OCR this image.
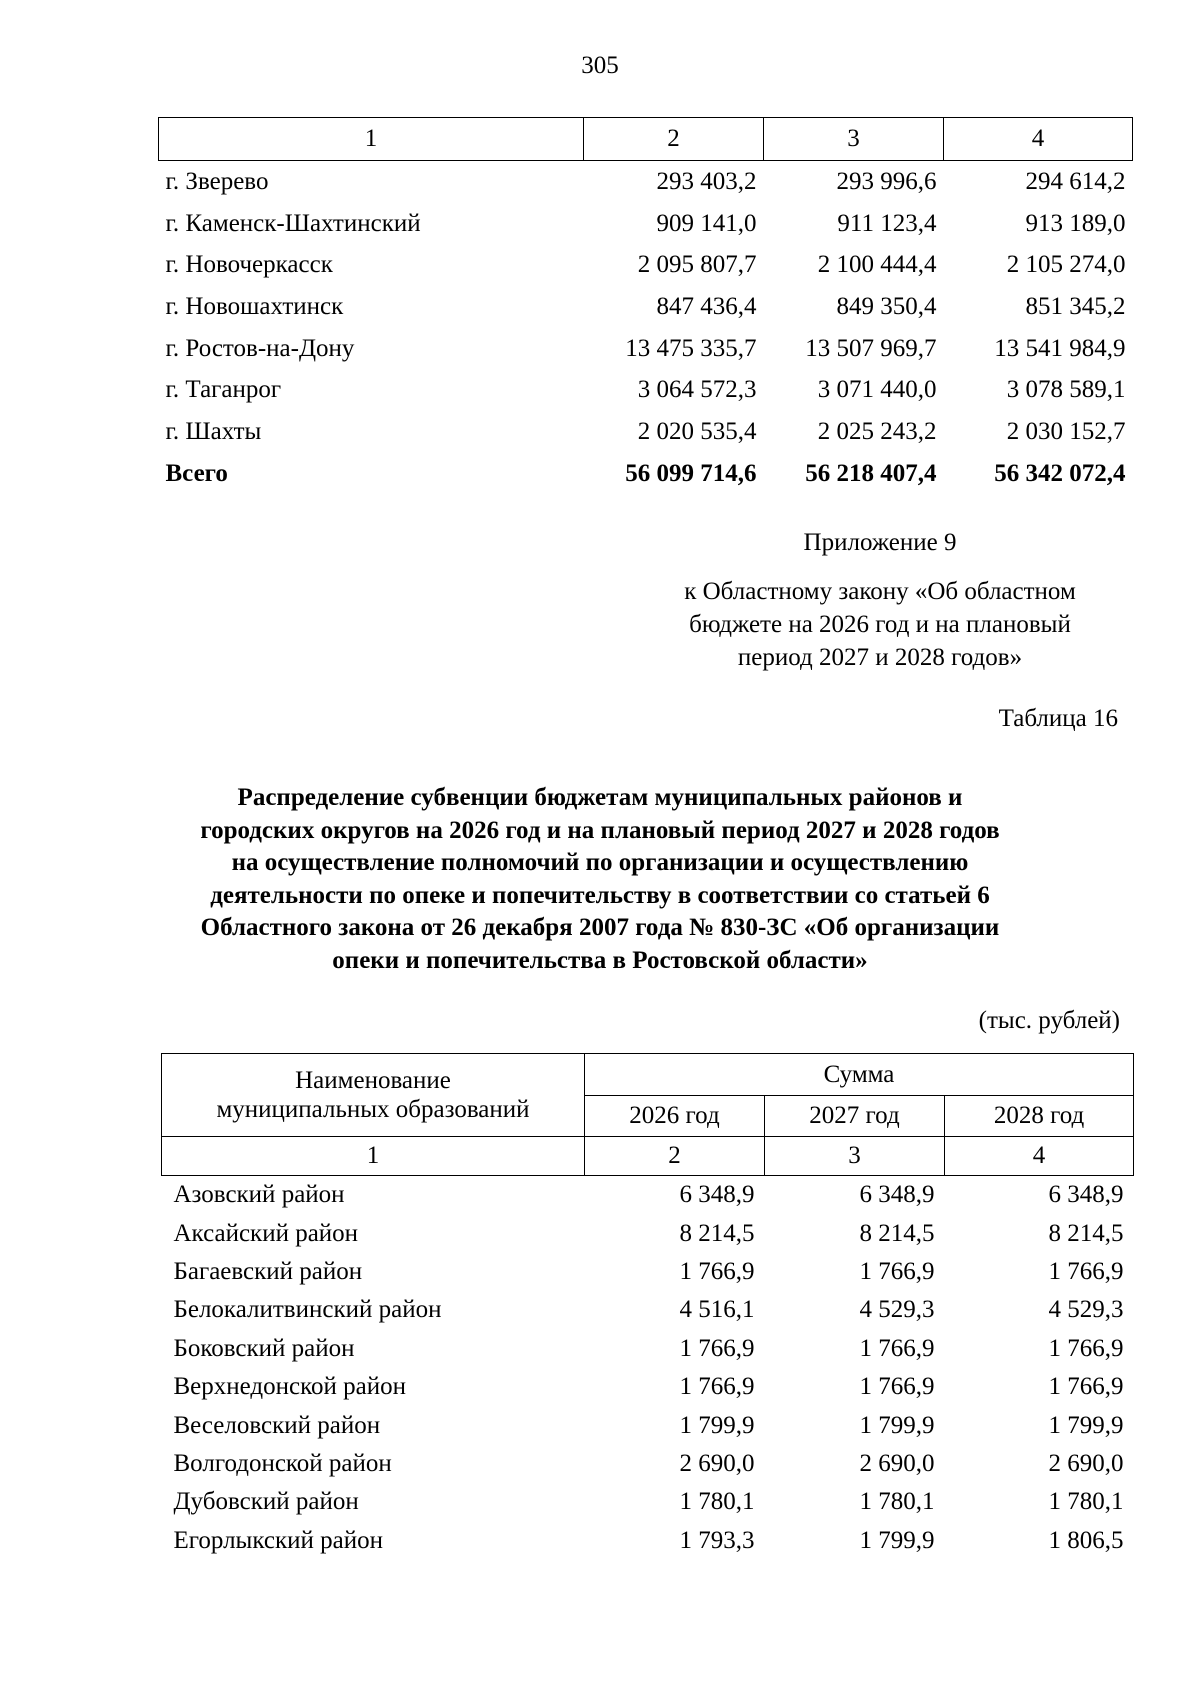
305
1	2	3	4
г. Зверево	293 403,2	293 996,6	294 614,2
г. Каменск-Шахтинский	909 141,0	911 123,4	913 189,0
г. Новочеркасск	2 095 807,7	2 100 444,4	2 105 274,0
г. Новошахтинск	847 436,4	849 350,4	851 345,2
г. Ростов-на-Дону	13 475 335,7	13 507 969,7	13 541 984,9
г. Таганрог	3 064 572,3	3 071 440,0	3 078 589,1
г. Шахты	2 020 535,4	2 025 243,2	2 030 152,7
Всего	56 099 714,6	56 218 407,4	56 342 072,4
Приложение 9
к Областному закону «Об областном
бюджете на 2026 год и на плановый
период 2027 и 2028 годов»
Таблица 16
Распределение субвенции бюджетам муниципальных районов и
городских округов на 2026 год и на плановый период 2027 и 2028 годов
на осуществление полномочий по организации и осуществлению
деятельности по опеке и попечительству в соответствии со статьей 6
Областного закона от 26 декабря 2007 года № 830-ЗС «Об организации
опеки и попечительства в Ростовской области»
(тыс. рублей)
Наименование
муниципальных образований	Сумма		
	2026 год	2027 год	2028 год
1	2	3	4
Азовский район	6 348,9	6 348,9	6 348,9
Аксайский район	8 214,5	8 214,5	8 214,5
Багаевский район	1 766,9	1 766,9	1 766,9
Белокалитвинский район	4 516,1	4 529,3	4 529,3
Боковский район	1 766,9	1 766,9	1 766,9
Верхнедонской район	1 766,9	1 766,9	1 766,9
Веселовский район	1 799,9	1 799,9	1 799,9
Волгодонской район	2 690,0	2 690,0	2 690,0
Дубовский район	1 780,1	1 780,1	1 780,1
Егорлыкский район	1 793,3	1 799,9	1 806,5
